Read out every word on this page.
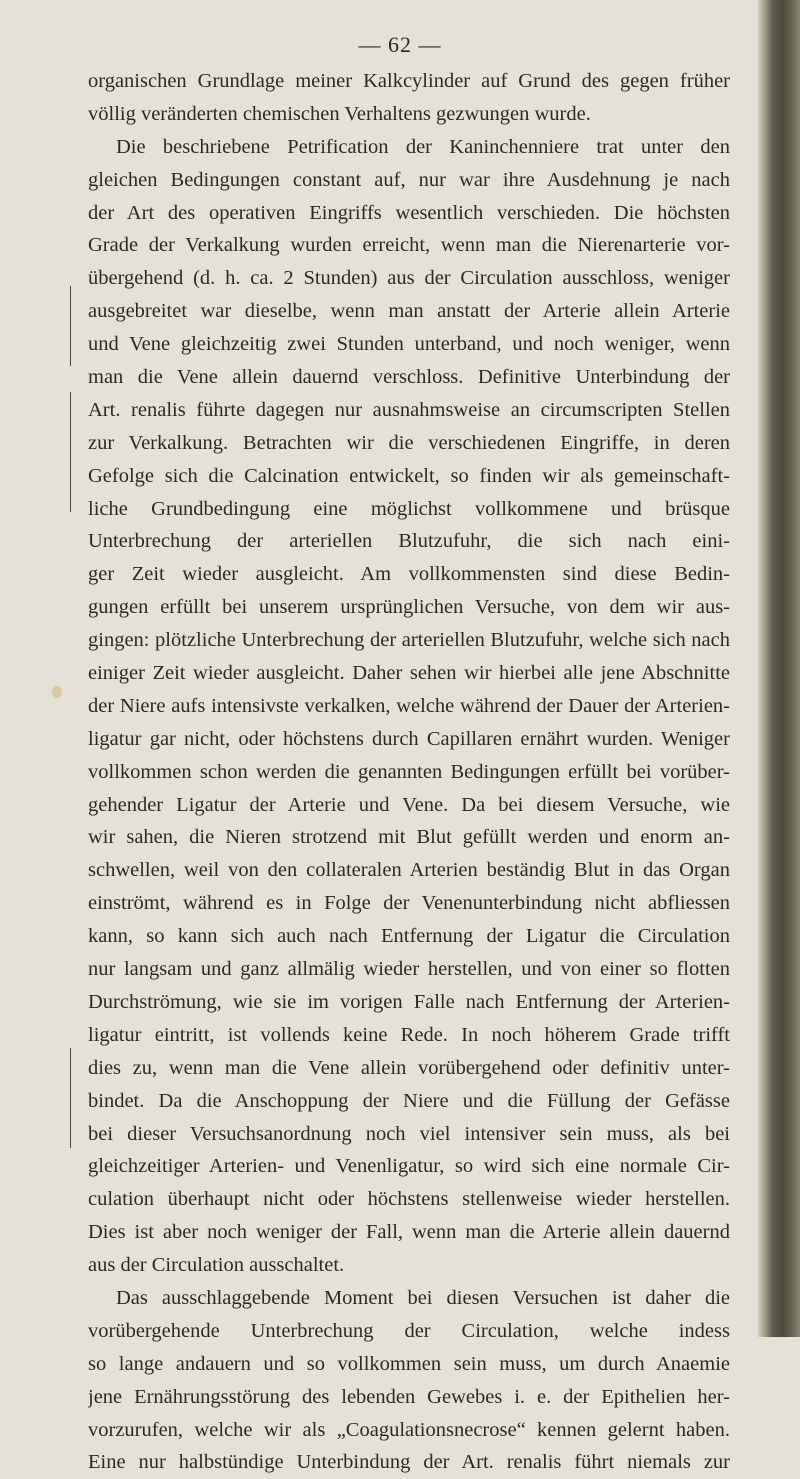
— 62 —
organischen Grundlage meiner Kalkcylinder auf Grund des gegen früher
völlig veränderten chemischen Verhaltens gezwungen wurde.
Die beschriebene Petrification der Kaninchenniere trat unter den
gleichen Bedingungen constant auf, nur war ihre Ausdehnung je nach
der Art des operativen Eingriffs wesentlich verschieden. Die höchsten
Grade der Verkalkung wurden erreicht, wenn man die Nierenarterie vor-
übergehend (d. h. ca. 2 Stunden) aus der Circulation ausschloss, weniger
ausgebreitet war dieselbe, wenn man anstatt der Arterie allein Arterie
und Vene gleichzeitig zwei Stunden unterband, und noch weniger, wenn
man die Vene allein dauernd verschloss. Definitive Unterbindung der
Art. renalis führte dagegen nur ausnahmsweise an circumscripten Stellen
zur Verkalkung. Betrachten wir die verschiedenen Eingriffe, in deren
Gefolge sich die Calcination entwickelt, so finden wir als gemeinschaft-
liche Grundbedingung eine möglichst vollkommene und brüsque
Unterbrechung der arteriellen Blutzufuhr, die sich nach eini-
ger Zeit wieder ausgleicht. Am vollkommensten sind diese Bedin-
gungen erfüllt bei unserem ursprünglichen Versuche, von dem wir aus-
gingen: plötzliche Unterbrechung der arteriellen Blutzufuhr, welche sich nach
einiger Zeit wieder ausgleicht. Daher sehen wir hierbei alle jene Abschnitte
der Niere aufs intensivste verkalken, welche während der Dauer der Arterien-
ligatur gar nicht, oder höchstens durch Capillaren ernährt wurden. Weniger
vollkommen schon werden die genannten Bedingungen erfüllt bei vorüber-
gehender Ligatur der Arterie und Vene. Da bei diesem Versuche, wie
wir sahen, die Nieren strotzend mit Blut gefüllt werden und enorm an-
schwellen, weil von den collateralen Arterien beständig Blut in das Organ
einströmt, während es in Folge der Venenunterbindung nicht abfliessen
kann, so kann sich auch nach Entfernung der Ligatur die Circulation
nur langsam und ganz allmälig wieder herstellen, und von einer so flotten
Durchströmung, wie sie im vorigen Falle nach Entfernung der Arterien-
ligatur eintritt, ist vollends keine Rede. In noch höherem Grade trifft
dies zu, wenn man die Vene allein vorübergehend oder definitiv unter-
bindet. Da die Anschoppung der Niere und die Füllung der Gefässe
bei dieser Versuchsanordnung noch viel intensiver sein muss, als bei
gleichzeitiger Arterien- und Venenligatur, so wird sich eine normale Cir-
culation überhaupt nicht oder höchstens stellenweise wieder herstellen.
Dies ist aber noch weniger der Fall, wenn man die Arterie allein dauernd
aus der Circulation ausschaltet.
Das ausschlaggebende Moment bei diesen Versuchen ist daher die
vorübergehende Unterbrechung der Circulation, welche indess
so lange andauern und so vollkommen sein muss, um durch Anaemie
jene Ernährungsstörung des lebenden Gewebes i. e. der Epithelien her-
vorzurufen, welche wir als „Coagulationsnecrose“ kennen gelernt haben.
Eine nur halbstündige Unterbindung der Art. renalis führt niemals zur
